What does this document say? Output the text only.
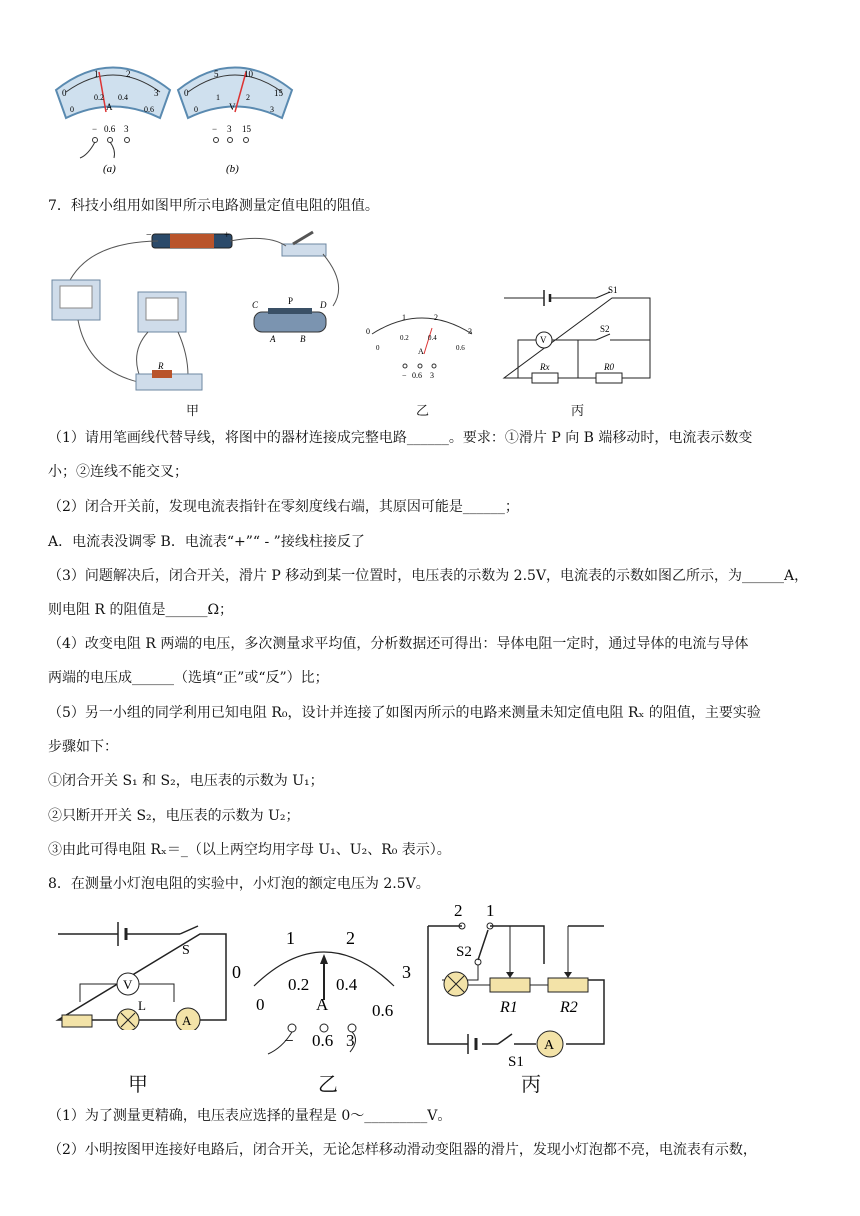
0
1	2
3
0
0.2 0.4
0.6
A
− 0.6 3
(a)
0
5	10
15
0
1	2
3
V
− 3 15
(b)
7．科技小组用如图甲所示电路测量定值电阻的阻值。
−	+
C	P	D
A	B
R
甲
0
1	2
3
0
0.2	0.4
0.6
A
− 0.6 3
乙
S1
S2
V
Rx	R0
丙
（1）请用笔画线代替导线，将图中的器材连接成完整电路______。要求：①滑片 P 向 B 端移动时，电流表示数变
小；②连线不能交叉；
（2）闭合开关前，发现电流表指针在零刻度线右端，其原因可能是______；
A．电流表没调零 B．电流表“+”“ - ”接线柱接反了
（3）问题解决后，闭合开关，滑片 P 移动到某一位置时，电压表的示数为 2.5V，电流表的示数如图乙所示，为______A，
则电阻 R 的阻值是______Ω；
（4）改变电阻 R 两端的电压，多次测量求平均值，分析数据还可得出：导体电阻一定时，通过导体的电流与导体
两端的电压成______（选填“正”或“反”）比；
（5）另一小组的同学利用已知电阻 R₀，设计并连接了如图丙所示的电路来测量未知定值电阻 Rₓ 的阻值，主要实验
步骤如下：
①闭合开关 S₁ 和 S₂，电压表的示数为 U₁；
②只断开开关 S₂，电压表的示数为 U₂；
③由此可得电阻 Rₓ＝_（以上两空均用字母 U₁、U₂、R₀ 表示）。
8．在测量小灯泡电阻的实验中，小灯泡的额定电压为 2.5V。
S
V
L
A
甲
0
1	2
3
0
0.2 0.4
0.6
A
− 0.6 3
乙
2 1
S2
R1	R2
S1
A
丙
（1）为了测量更精确，电压表应选择的量程是 0～_________V。
（2）小明按图甲连接好电路后，闭合开关，无论怎样移动滑动变阻器的滑片，发现小灯泡都不亮，电流表有示数，
